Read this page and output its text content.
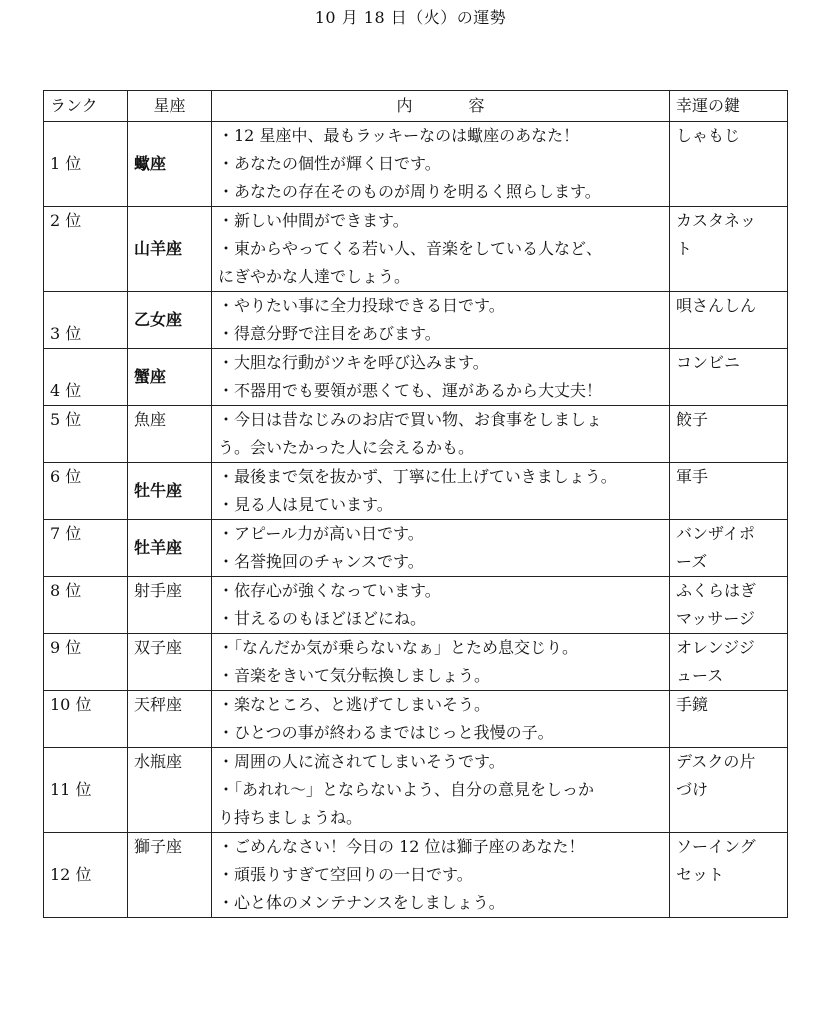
10 月 18 日（火）の運勢
ランク	星座	内容	幸運の鍵

1 位	蠍座	・12 星座中、最もラッキーなのは蠍座のあなた！
・あなたの個性が輝く日です。
・あなたの存在そのものが周りを明るく照らします。	しゃもじ

2 位	山羊座	・新しい仲間ができます。
・東からやってくる若い人、音楽をしている人など、
にぎやかな人達でしょう。	カスタネッ
ト

3 位	乙女座	・やりたい事に全力投球できる日です。
・得意分野で注目をあびます。	唄さんしん

4 位	蟹座	・大胆な行動がツキを呼び込みます。
・不器用でも要領が悪くても、運があるから大丈夫！	コンビニ

5 位	魚座	・今日は昔なじみのお店で買い物、お食事をしましょ
う。会いたかった人に会えるかも。	餃子

6 位	牡牛座	・最後まで気を抜かず、丁寧に仕上げていきましょう。
・見る人は見ています。	軍手

7 位	牡羊座	・アピール力が高い日です。
・名誉挽回のチャンスです。	バンザイポ
ーズ

8 位	射手座	・依存心が強くなっています。
・甘えるのもほどほどにね。	ふくらはぎ
マッサージ

9 位	双子座	・「なんだか気が乗らないなぁ」とため息交じり。
・音楽をきいて気分転換しましょう。	オレンジジ
ュース

10 位	天秤座	・楽なところ、と逃げてしまいそう。
・ひとつの事が終わるまではじっと我慢の子。	手鏡

11 位	水瓶座	・周囲の人に流されてしまいそうです。
・「あれれ～」とならないよう、自分の意見をしっか
り持ちましょうね。	デスクの片
づけ

12 位	獅子座	・ごめんなさい！今日の 12 位は獅子座のあなた！
・頑張りすぎて空回りの一日です。
・心と体のメンテナンスをしましょう。	ソーイング
セット
